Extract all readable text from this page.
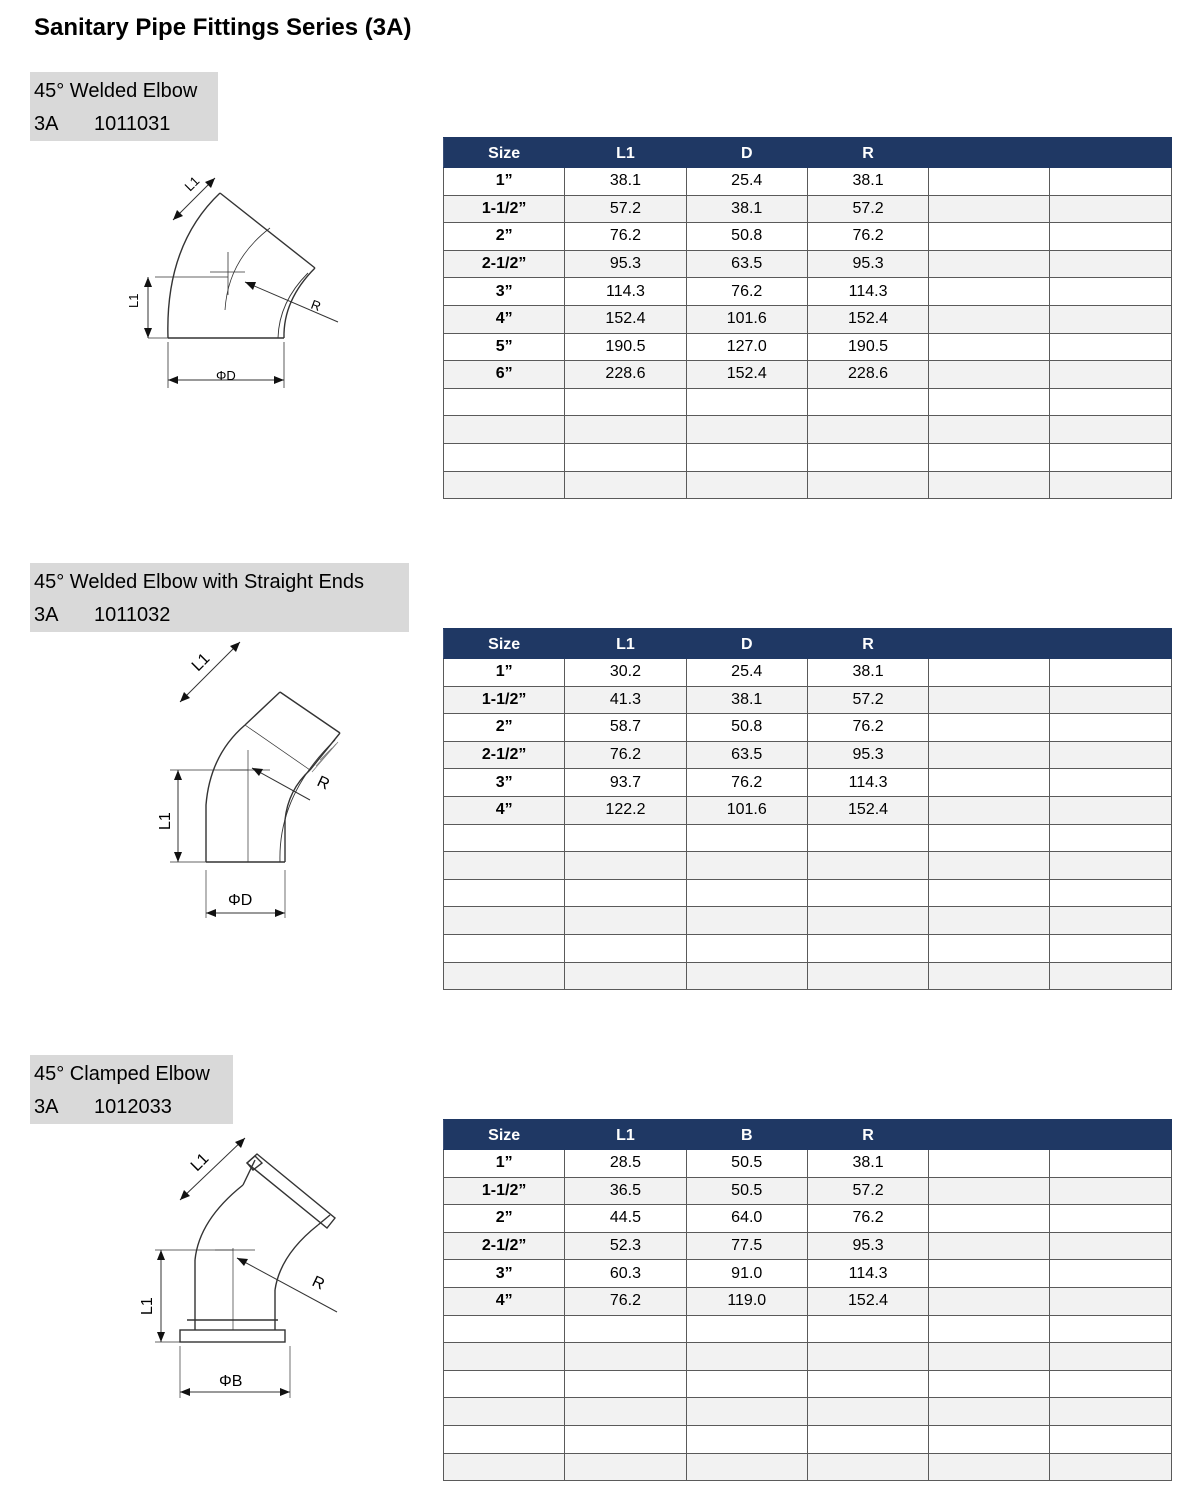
Sanitary Pipe Fittings Series (3A)
45° Welded Elbow
3A 1011031
L1
L1
R
ΦD
Size	L1	D	R		
1”	38.1	25.4	38.1		
1-1/2”	57.2	38.1	57.2		
2”	76.2	50.8	76.2		
2-1/2”	95.3	63.5	95.3		
3”	114.3	76.2	114.3		
4”	152.4	101.6	152.4		
5”	190.5	127.0	190.5		
6”	228.6	152.4	228.6		

45° Welded Elbow with Straight Ends
3A 1011032
L1
L1
R
ΦD
Size	L1	D	R		
1”	30.2	25.4	38.1		
1-1/2”	41.3	38.1	57.2		
2”	58.7	50.8	76.2		
2-1/2”	76.2	63.5	95.3		
3”	93.7	76.2	114.3		
4”	122.2	101.6	152.4		

45° Clamped Elbow
3A 1012033
L1
L1
R
ΦB
Size	L1	B	R		
1”	28.5	50.5	38.1		
1-1/2”	36.5	50.5	57.2		
2”	44.5	64.0	76.2		
2-1/2”	52.3	77.5	95.3		
3”	60.3	91.0	114.3		
4”	76.2	119.0	152.4		
